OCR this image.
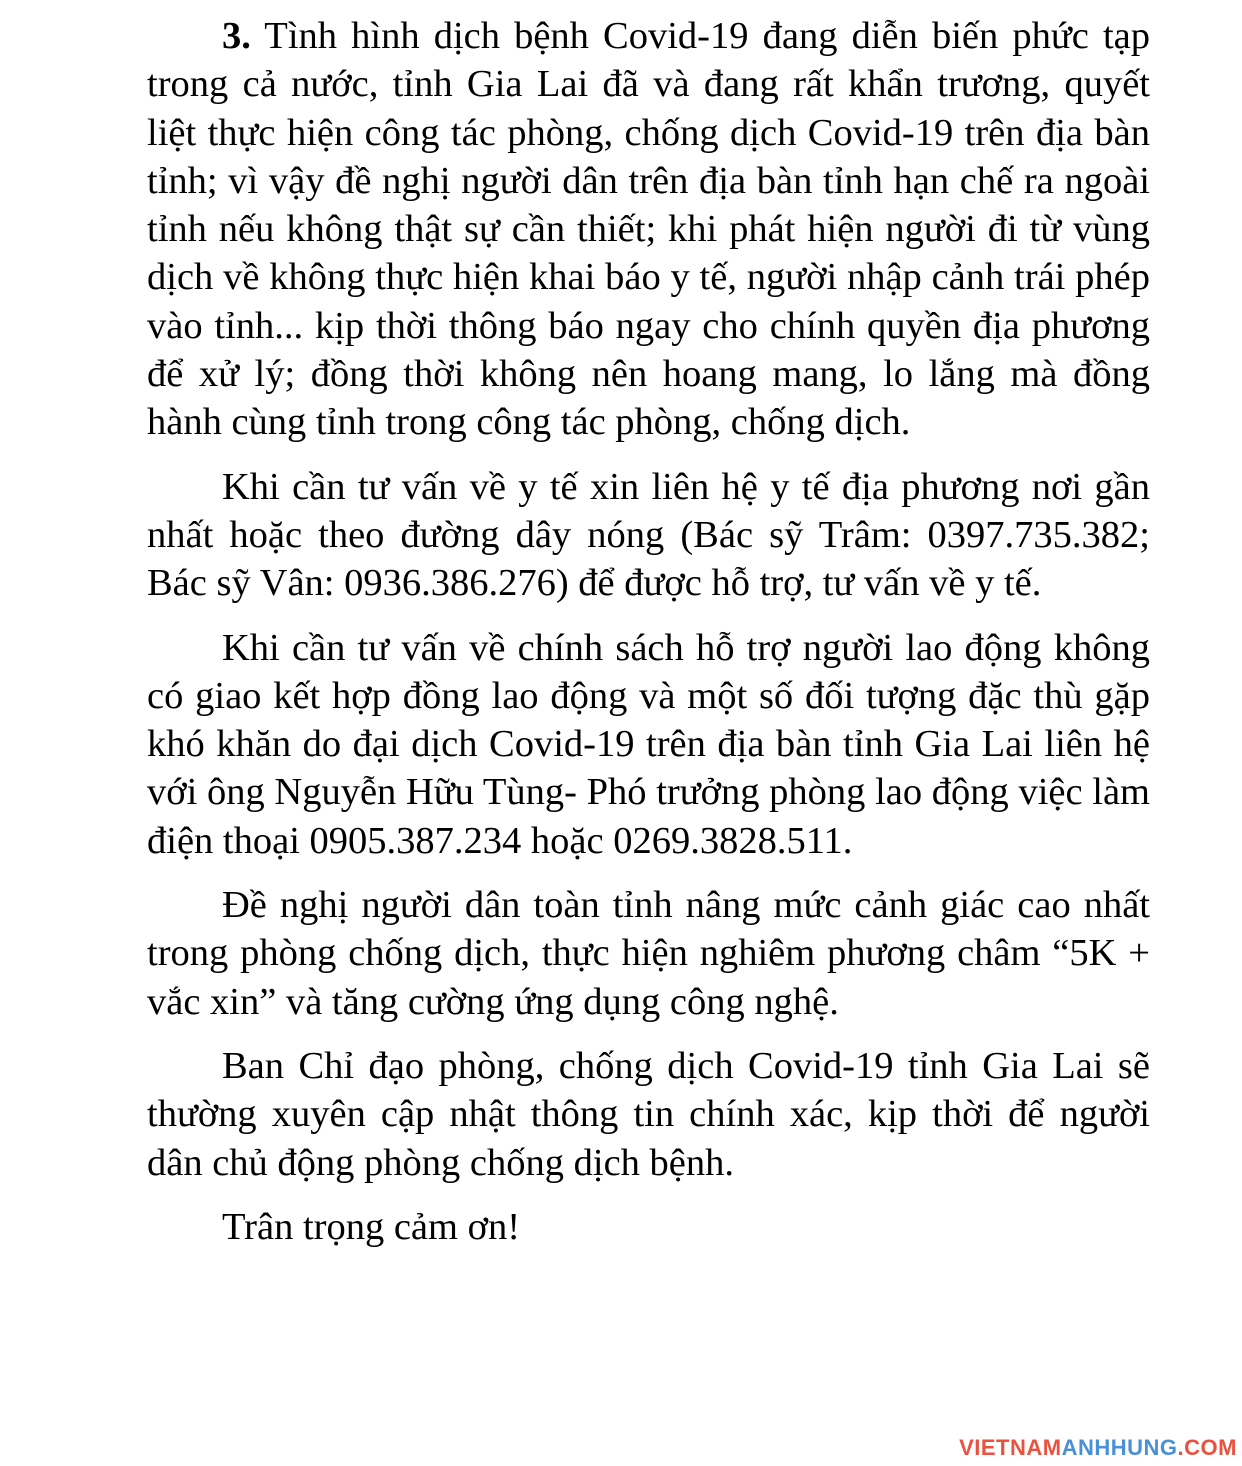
3. Tình hình dịch bệnh Covid-19 đang diễn biến phức tạp trong cả nước, tỉnh Gia Lai đã và đang rất khẩn trương, quyết liệt thực hiện công tác phòng, chống dịch Covid-19 trên địa bàn tỉnh; vì vậy đề nghị người dân trên địa bàn tỉnh hạn chế ra ngoài tỉnh nếu không thật sự cần thiết; khi phát hiện người đi từ vùng dịch về không thực hiện khai báo y tế, người nhập cảnh trái phép vào tỉnh... kịp thời thông báo ngay cho chính quyền địa phương để xử lý; đồng thời không nên hoang mang, lo lắng mà đồng hành cùng tỉnh trong công tác phòng, chống dịch.

Khi cần tư vấn về y tế xin liên hệ y tế địa phương nơi gần nhất hoặc theo đường dây nóng (Bác sỹ Trâm: 0397.735.382; Bác sỹ Vân: 0936.386.276) để được hỗ trợ, tư vấn về y tế.

Khi cần tư vấn về chính sách hỗ trợ người lao động không có giao kết hợp đồng lao động và một số đối tượng đặc thù gặp khó khăn do đại dịch Covid-19 trên địa bàn tỉnh Gia Lai liên hệ với ông Nguyễn Hữu Tùng- Phó trưởng phòng lao động việc làm điện thoại 0905.387.234 hoặc 0269.3828.511.

Đề nghị người dân toàn tỉnh nâng mức cảnh giác cao nhất trong phòng chống dịch, thực hiện nghiêm phương châm “5K + vắc xin” và tăng cường ứng dụng công nghệ.

Ban Chỉ đạo phòng, chống dịch Covid-19 tỉnh Gia Lai sẽ thường xuyên cập nhật thông tin chính xác, kịp thời để người dân chủ động phòng chống dịch bệnh.

Trân trọng cảm ơn!

VIETNAMANHHUNG.COM
